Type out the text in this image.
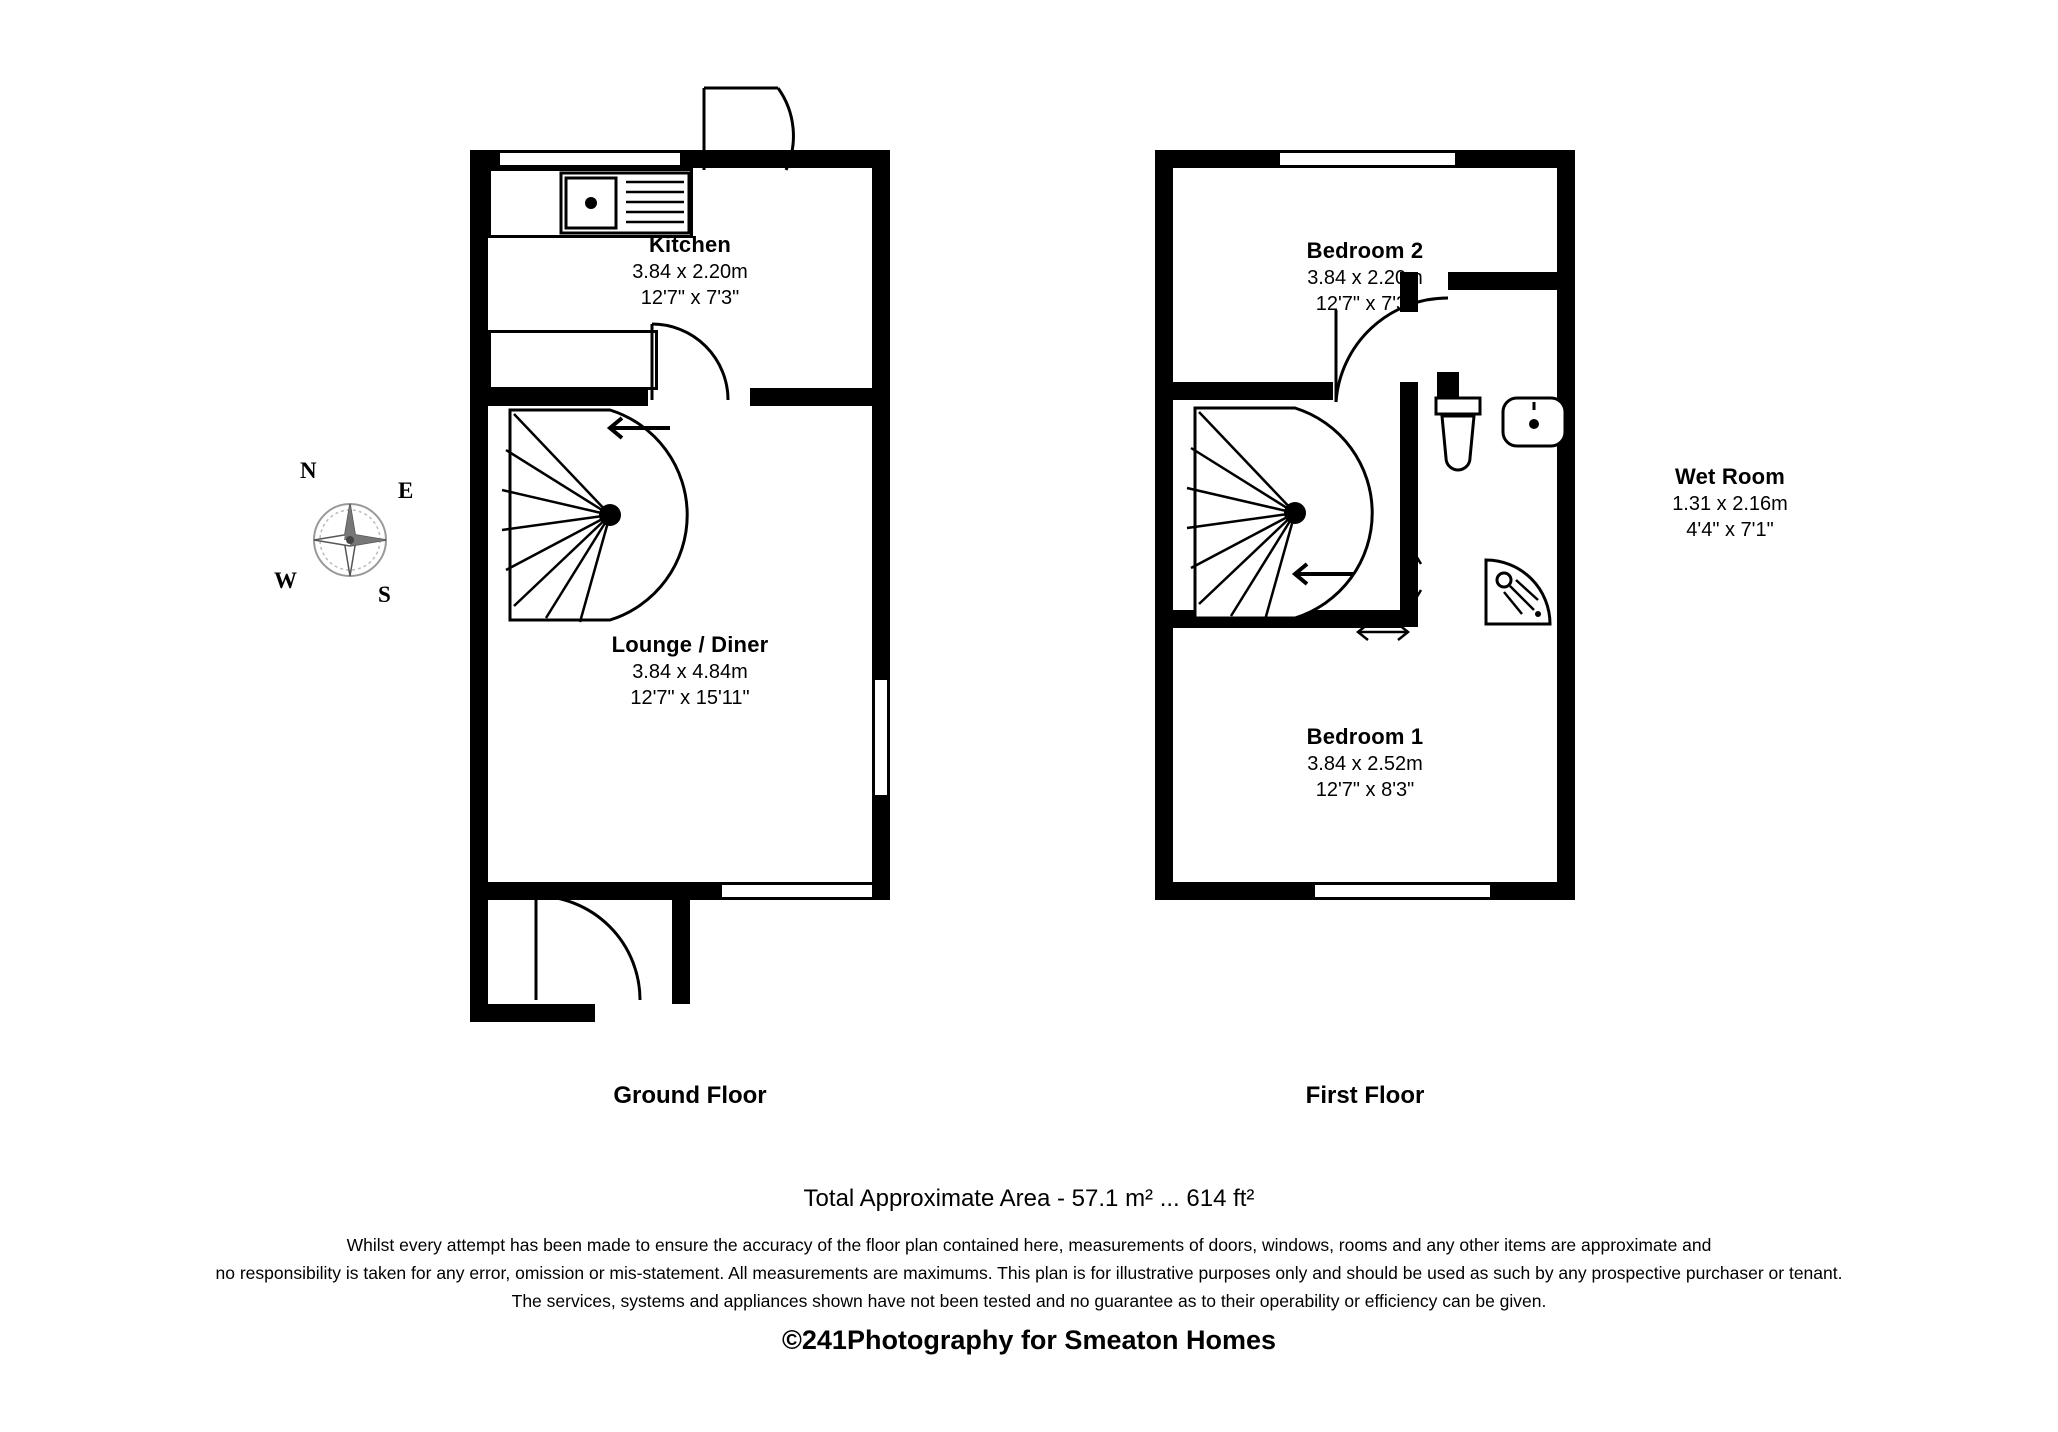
Kitchen
3.84 x 2.20m
12'7" x 7'3"
Lounge / Diner
3.84 x 4.84m
12'7" x 15'11"
Ground Floor
N
E
S
W
Bedroom 2
3.84 x 2.20m
12'7" x 7'3"
Wet Room
1.31 x 2.16m
4'4" x 7'1"
Bedroom 1
3.84 x 2.52m
12'7" x 8'3"
First Floor
Total Approximate Area - 57.1 m² ... 614 ft²
Whilst every attempt has been made to ensure the accuracy of the floor plan contained here, measurements of doors, windows, rooms and any other items are approximate and
no responsibility is taken for any error, omission or mis-statement. All measurements are maximums. This plan is for illustrative purposes only and should be used as such by any prospective purchaser or tenant.
The services, systems and appliances shown have not been tested and no guarantee as to their operability or efficiency can be given.
©241Photography for Smeaton Homes
